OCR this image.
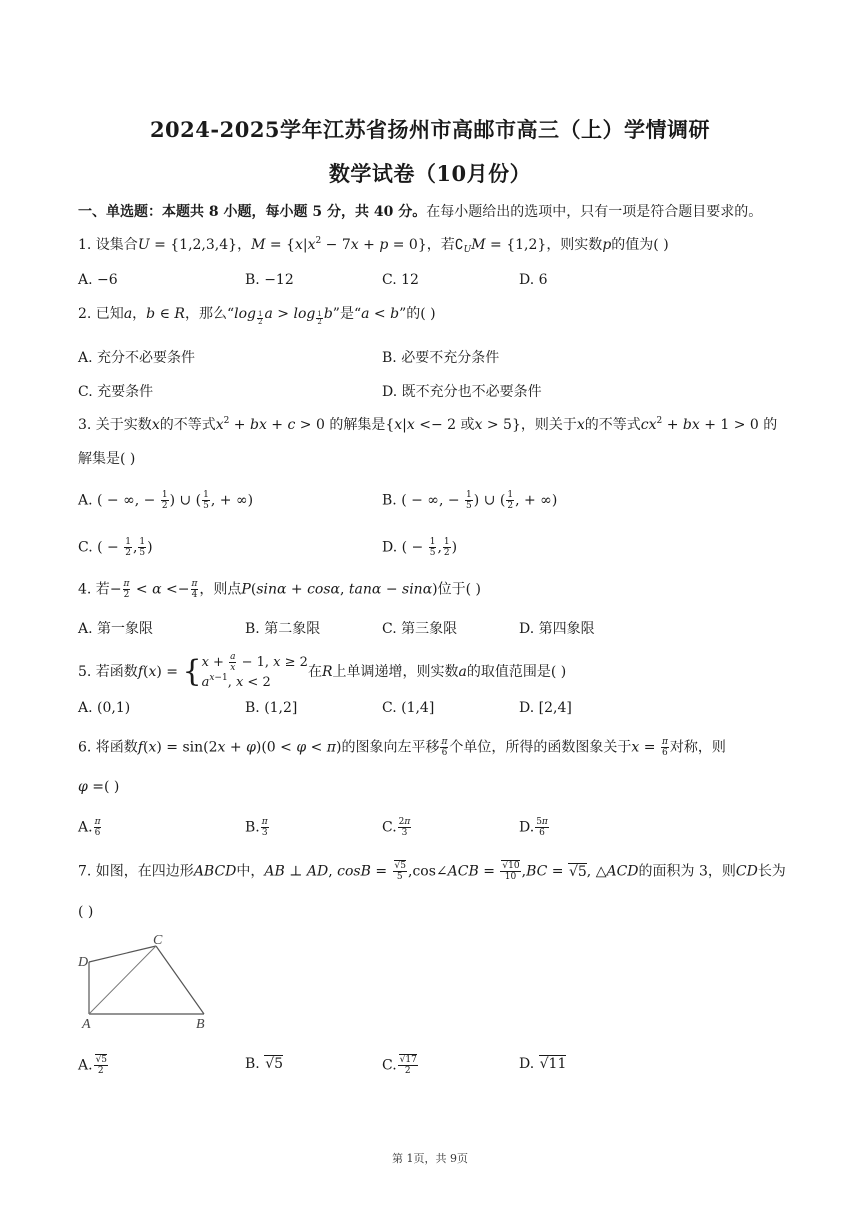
2024-2025学年江苏省扬州市高邮市高三（上）学情调研
数学试卷（10月份）
一、单选题：本题共 8 小题，每小题 5 分，共 40 分。在每小题给出的选项中，只有一项是符合题目要求的。
1. 设集合U = {1,2,3,4}，$M = \{x|x^2 - 7x + p = 0\}$，若$∁_UM = \{1,2\}$，则实数p的值为( )
A. −6	B. −12	C. 12	D. 6
2. 已知a，b ∈ R，那么“log $_{\frac{1}{2}}$ a > log $_{\frac{1}{2}}$ b”是“a < b”的( )
A. 充分不必要条件	B. 必要不充分条件
C. 充要条件	D. 既不充分也不必要条件
3. 关于实数x的不等式$x^2$ + bx + c > 0 的解集是{x|x <− 2 或x > 5}，则关于x的不等式$cx^2$ + bx + 1 > 0 的
解集是( )
A. ( − ∞, − $\frac{1}{2}$ ) ∪ ( $\frac{1}{5}$ , + ∞)	B. ( − ∞, − $\frac{1}{5}$ ) ∪ ( $\frac{1}{2}$ , + ∞)
C. ( − $\frac{1}{2}$ , $\frac{1}{5}$ )	D. ( − $\frac{1}{5}$ , $\frac{1}{2}$ )
4. 若− $\frac{\pi}{2} < \alpha <- \frac{\pi}{4}$ ，则点P(sinα + cosα, tanα − sinα)位于( )
A. 第一象限	B. 第二象限	C. 第三象限	D. 第四象限
5. 若函数f(x) = { $x + \frac{a}{x} - 1$, x ≥ 2
$a^{x-1}$, x < 2
在R上单调递增，则实数a的取值范围是( )
A. (0,1)	B. (1,2]	C. (1,4]	D. [2,4]
6. 将函数f(x) = sin(2x + φ)(0 < φ < π)的图象向左平移 $\frac{\pi}{6}$ 个单位，所得的函数图象关于$x = \frac{\pi}{6}$ 对称，则
φ =( )
A. $\frac{\pi}{6}$	B. $\frac{\pi}{3}$	C. $\frac{2\pi}{3}$	D. $\frac{5\pi}{6}$
7. 如图，在四边形ABCD中，AB ⊥ AD, $\cos B = \frac{√5}{5}$ ,cos∠ACB = $\frac{√10}{10} ,BC = √5$, △ACD的面积为 3，则CD长为
( )
D
C
A	B
A. $\frac{√5}{2}$	B. √5	C. $\frac{√17}{2}$	D. √11
第 1页，共 9页
